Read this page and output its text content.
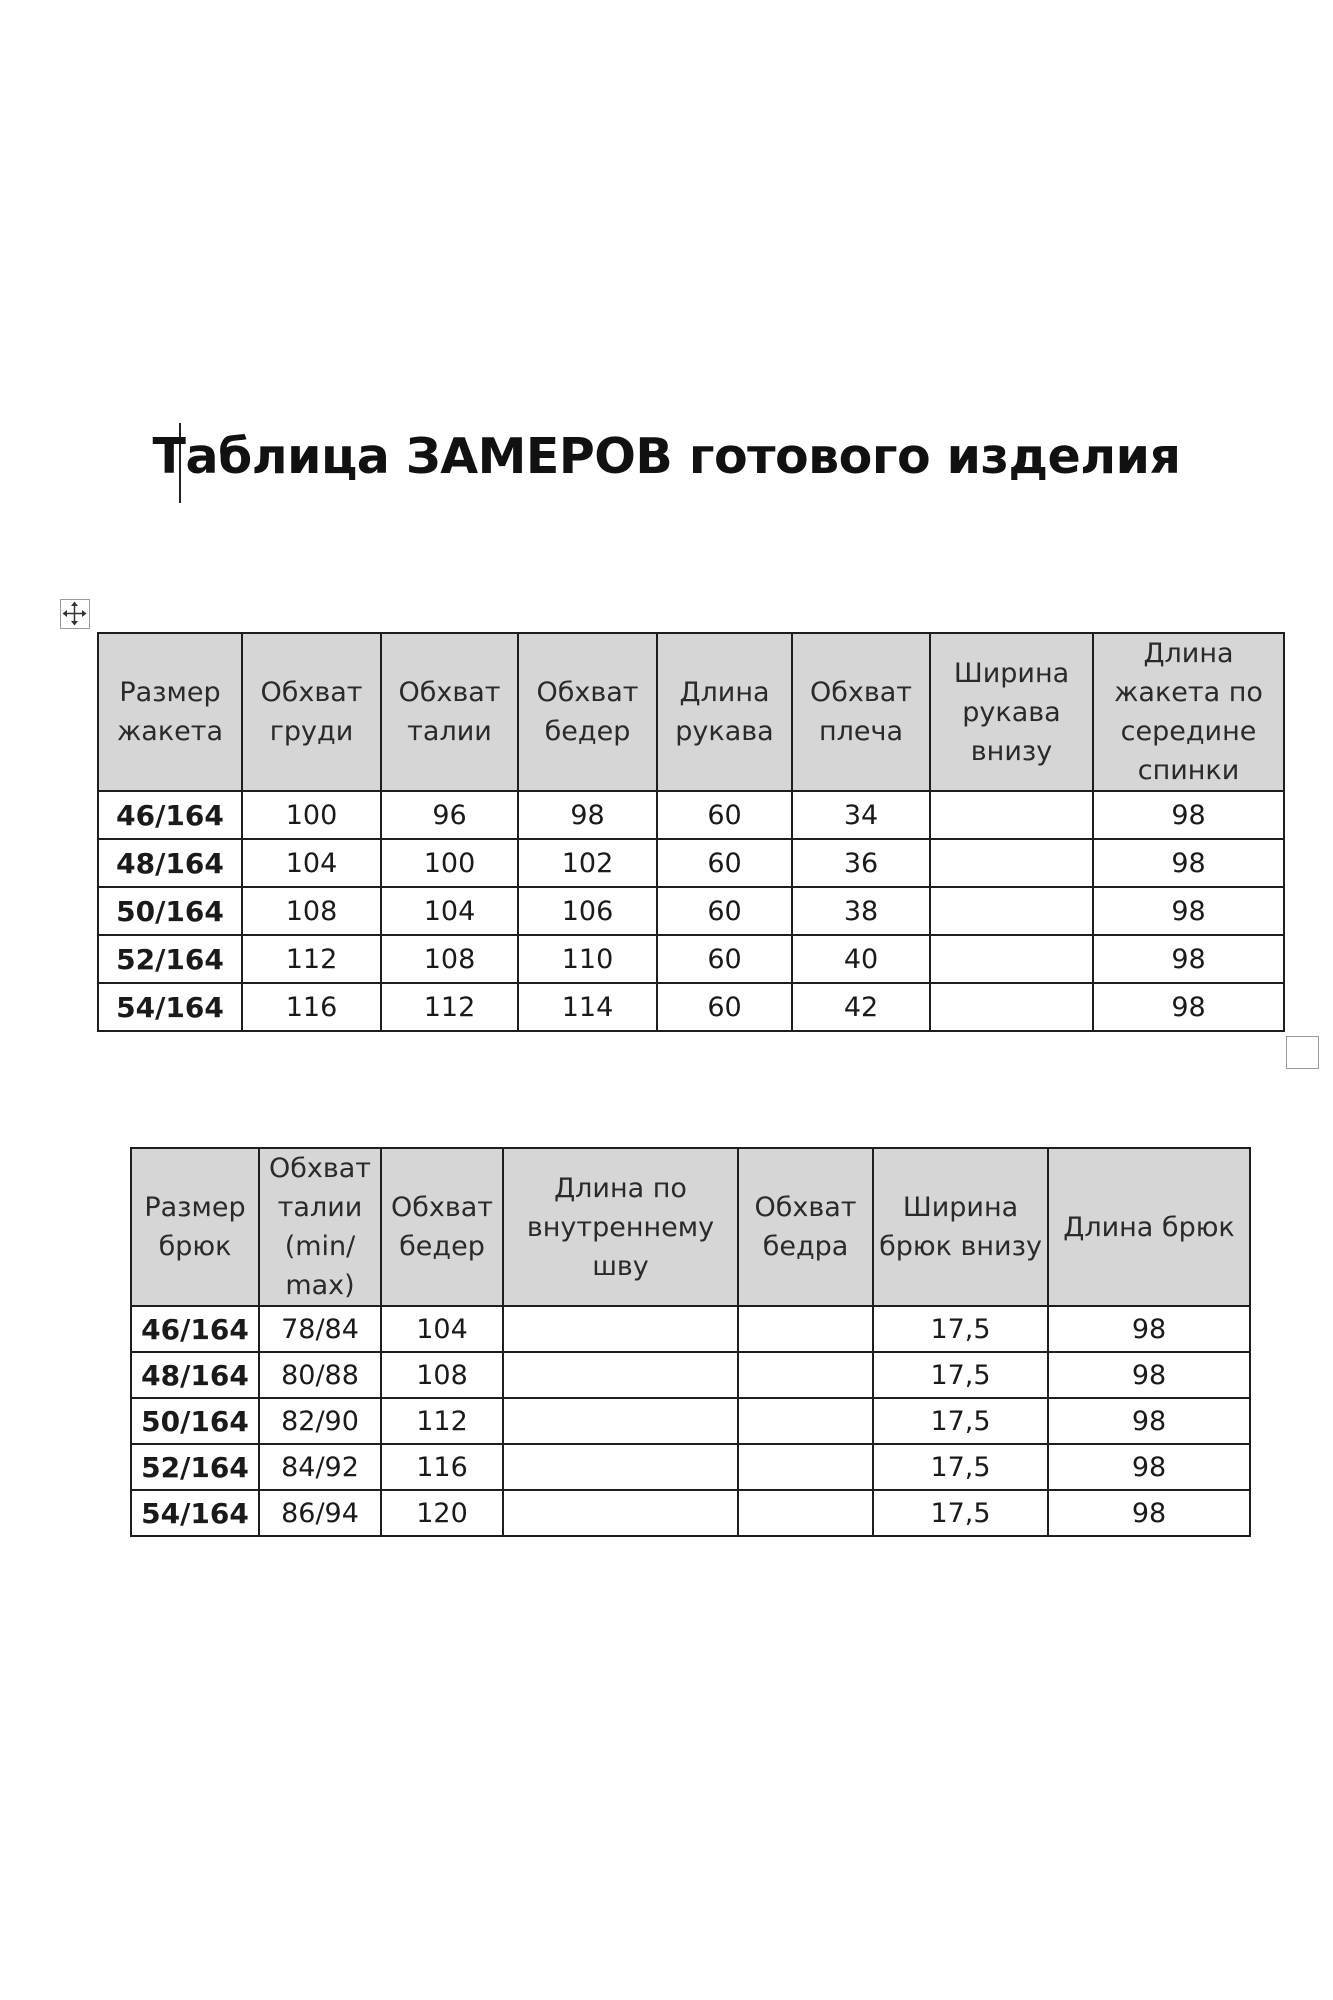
Таблица ЗАМЕРОВ готового изделия
Размер жакета	Обхват груди	Обхват талии	Обхват бедер	Длина рукава	Обхват плеча	Ширина рукава внизу	Длина жакета по середине спинки
46/164	100	96	98	60	34		98
48/164	104	100	102	60	36		98
50/164	108	104	106	60	38		98
52/164	112	108	110	60	40		98
54/164	116	112	114	60	42		98
Размер брюк	Обхват талии (min/ max)	Обхват бедер	Длина по внутреннему шву	Обхват бедра	Ширина брюк внизу	Длина брюк
46/164	78/84	104			17,5	98
48/164	80/88	108			17,5	98
50/164	82/90	112			17,5	98
52/164	84/92	116			17,5	98
54/164	86/94	120			17,5	98
